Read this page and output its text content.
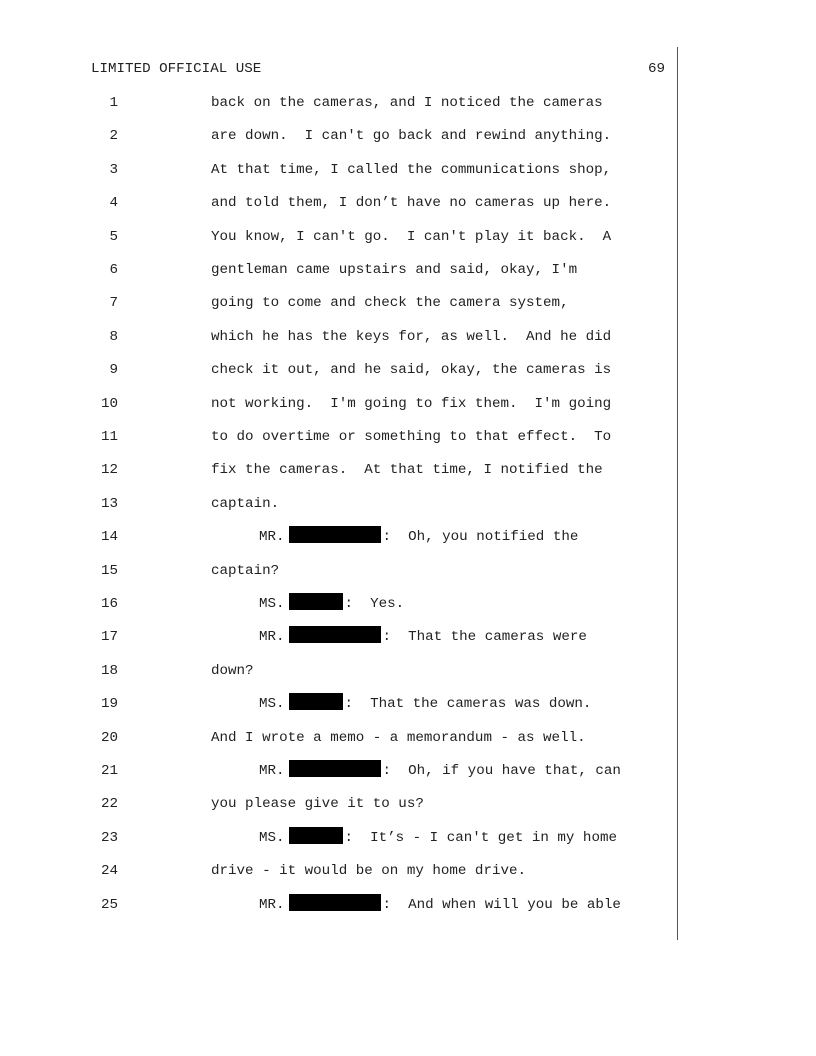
LIMITED OFFICIAL USE	69
1	back on the cameras, and I noticed the cameras
2	are down.  I can't go back and rewind anything.
3	At that time, I called the communications shop,
4	and told them, I don’t have no cameras up here.
5	You know, I can't go.  I can't play it back.  A
6	gentleman came upstairs and said, okay, I'm
7	going to come and check the camera system,
8	which he has the keys for, as well.  And he did
9	check it out, and he said, okay, the cameras is
10	not working.  I'm going to fix them.  I'm going
11	to do overtime or something to that effect.  To
12	fix the cameras.  At that time, I notified the
13	captain.
14	MR.	:  Oh, you notified the
15	captain?
16	MS.	:  Yes.
17	MR.	:  That the cameras were
18	down?
19	MS.	:  That the cameras was down.
20	And I wrote a memo - a memorandum - as well.
21	MR.	:  Oh, if you have that, can
22	you please give it to us?
23	MS.	:  It’s - I can't get in my home
24	drive - it would be on my home drive.
25	MR.	:  And when will you be able
